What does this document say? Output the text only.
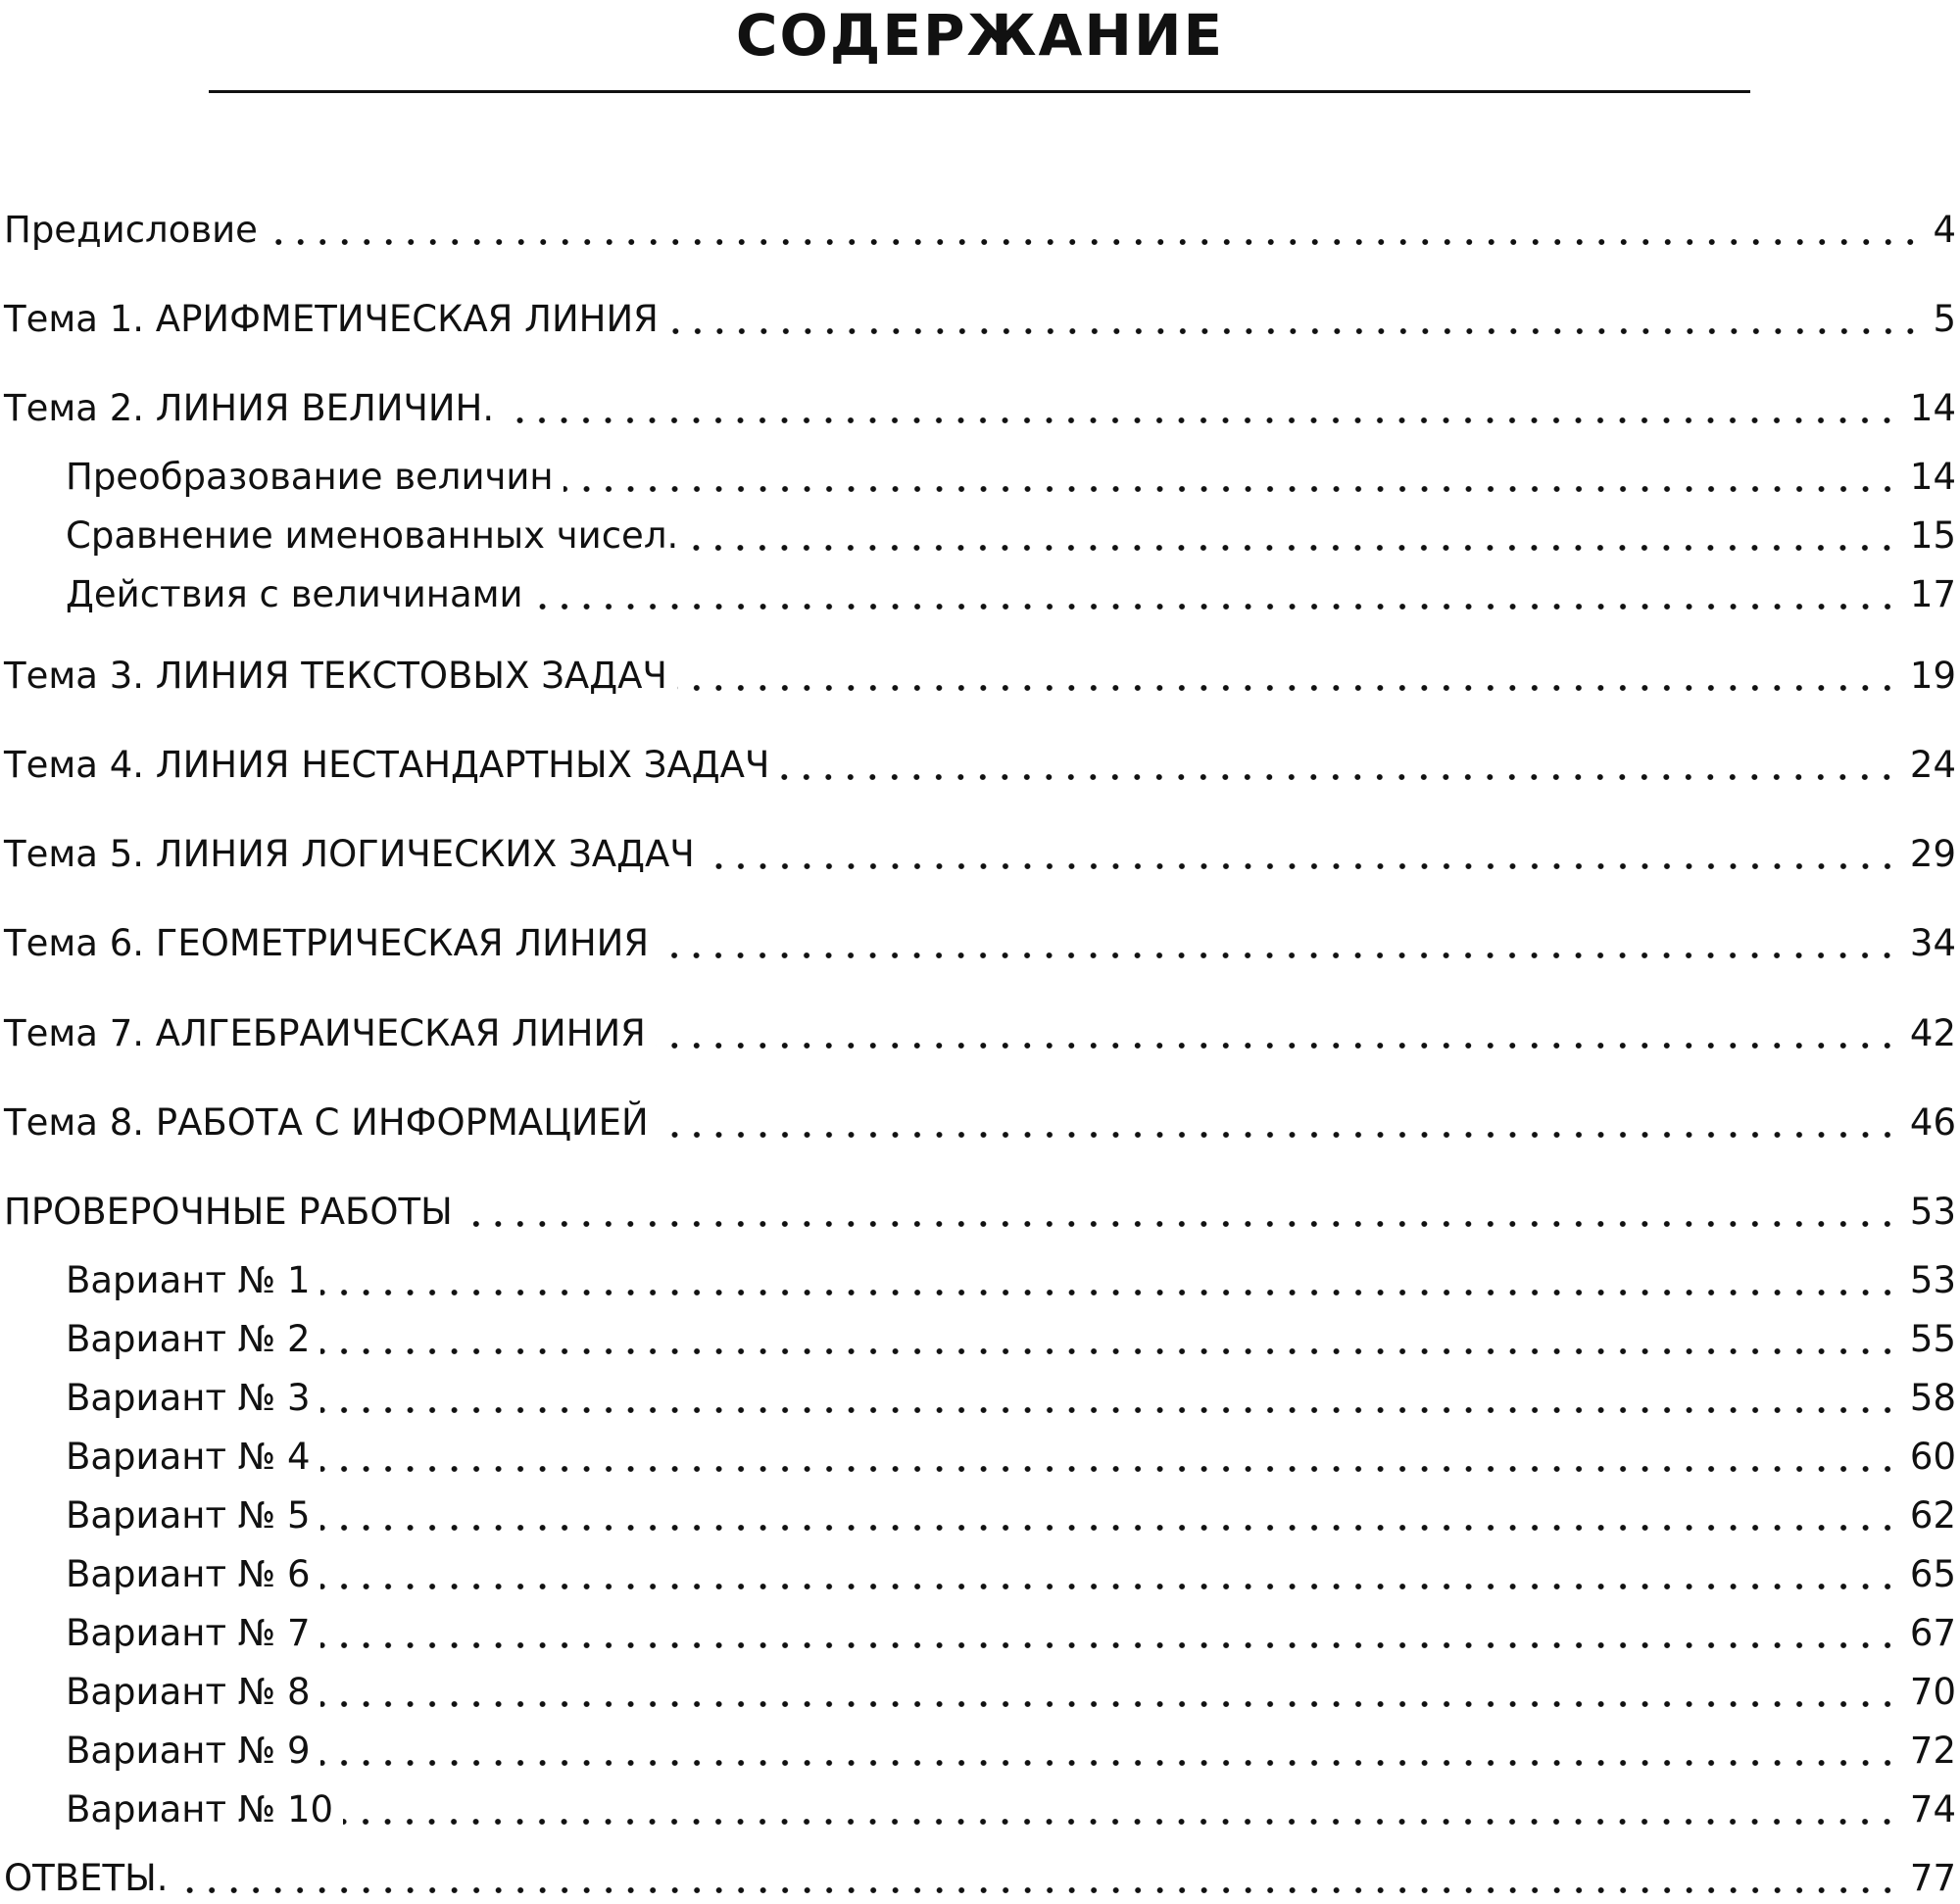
СОДЕРЖАНИЕ
Предисловие	4
Тема 1. АРИФМЕТИЧЕСКАЯ ЛИНИЯ	5
Тема 2. ЛИНИЯ ВЕЛИЧИН.	14
Преобразование величин	14
Сравнение именованных чисел.	15
Действия с величинами	17
Тема 3. ЛИНИЯ ТЕКСТОВЫХ ЗАДАЧ	19
Тема 4. ЛИНИЯ НЕСТАНДАРТНЫХ ЗАДАЧ	24
Тема 5. ЛИНИЯ ЛОГИЧЕСКИХ ЗАДАЧ	29
Тема 6. ГЕОМЕТРИЧЕСКАЯ ЛИНИЯ	34
Тема 7. АЛГЕБРАИЧЕСКАЯ ЛИНИЯ	42
Тема 8. РАБОТА С ИНФОРМАЦИЕЙ	46
ПРОВЕРОЧНЫЕ РАБОТЫ	53
Вариант № 1	53
Вариант № 2	55
Вариант № 3	58
Вариант № 4	60
Вариант № 5	62
Вариант № 6	65
Вариант № 7	67
Вариант № 8	70
Вариант № 9	72
Вариант № 10	74
ОТВЕТЫ.	77
